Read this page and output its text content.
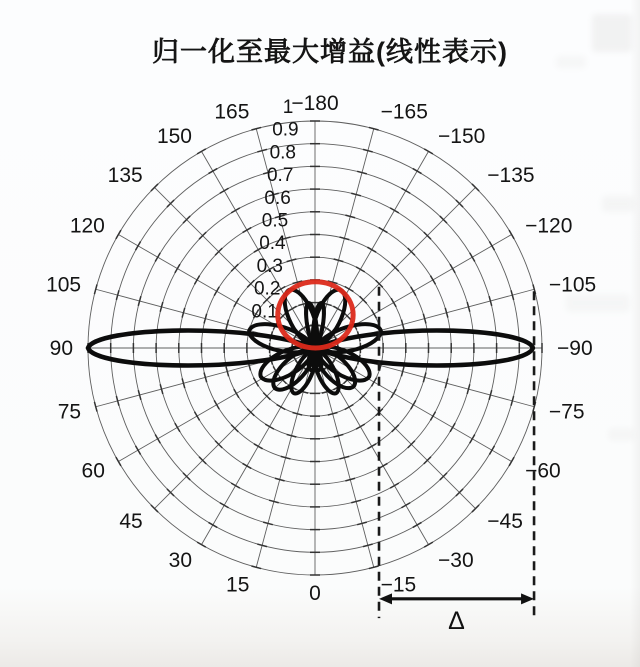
归一化至最大增益(线性表示)
0.1
0.2
0.3
0.4
0.5
0.6
0.7
0.8
0.9
1
Δ
−180 −165
−150
−135
−120
−105
−90
−75
−60
−45
−30
−15
0
15
30
45
60
75
90
105
120
135
150
165
